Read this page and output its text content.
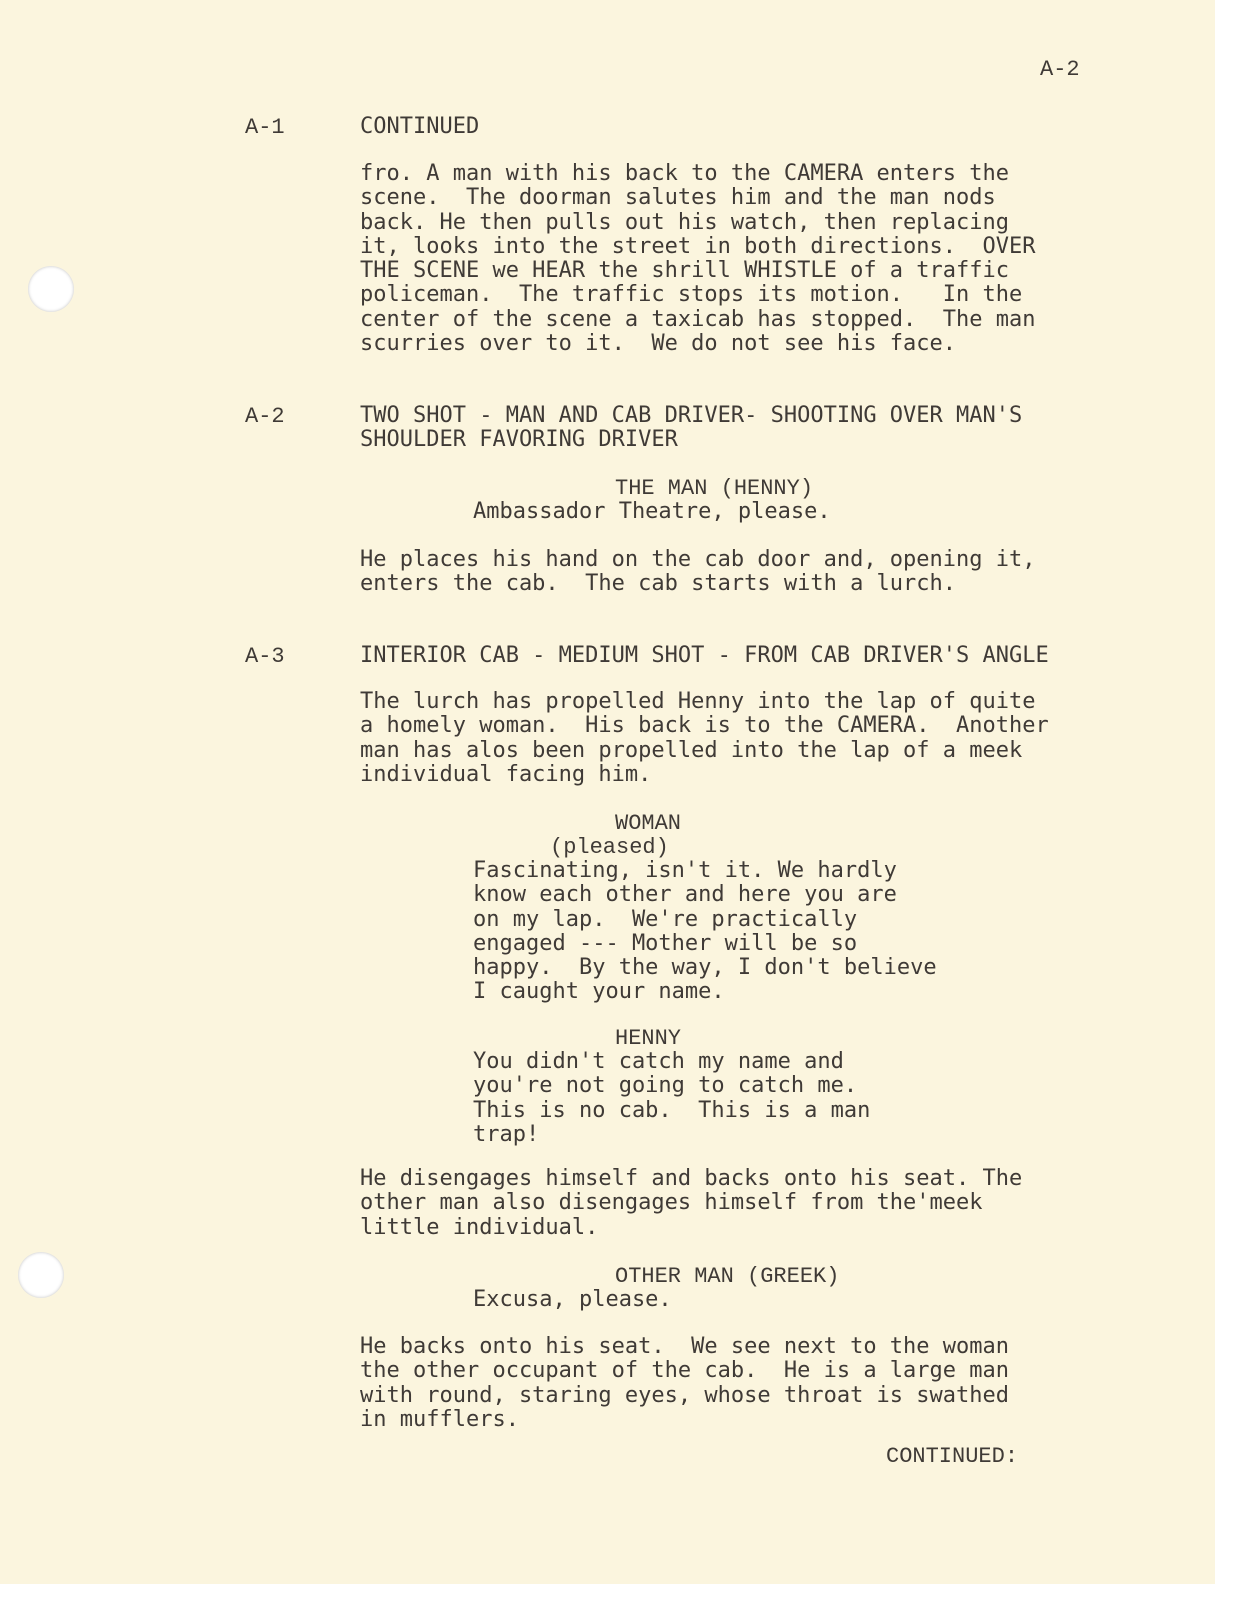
A-2
A-1	CONTINUED
fro. A man with his back to the CAMERA enters the
scene.  The doorman salutes him and the man nods
back. He then pulls out his watch, then replacing
it, looks into the street in both directions.  OVER
THE SCENE we HEAR the shrill WHISTLE of a traffic
policeman.  The traffic stops its motion.   In the
center of the scene a taxicab has stopped.  The man
scurries over to it.  We do not see his face.
A-2	TWO SHOT - MAN AND CAB DRIVER- SHOOTING OVER MAN'S
SHOULDER FAVORING DRIVER
THE MAN (HENNY)
Ambassador Theatre, please.
He places his hand on the cab door and, opening it,
enters the cab.  The cab starts with a lurch.
A-3	INTERIOR CAB - MEDIUM SHOT - FROM CAB DRIVER'S ANGLE
The lurch has propelled Henny into the lap of quite
a homely woman.  His back is to the CAMERA.  Another
man has alos been propelled into the lap of a meek
individual facing him.
WOMAN
(pleased)
Fascinating, isn't it. We hardly
know each other and here you are
on my lap.  We're practically
engaged --- Mother will be so
happy.  By the way, I don't believe
I caught your name.
HENNY
You didn't catch my name and
you're not going to catch me.
This is no cab.  This is a man
trap!
He disengages himself and backs onto his seat. The
other man also disengages himself from the'meek
little individual.
OTHER MAN (GREEK)
Excusa, please.
He backs onto his seat.  We see next to the woman
the other occupant of the cab.  He is a large man
with round, staring eyes, whose throat is swathed
in mufflers.
CONTINUED:
